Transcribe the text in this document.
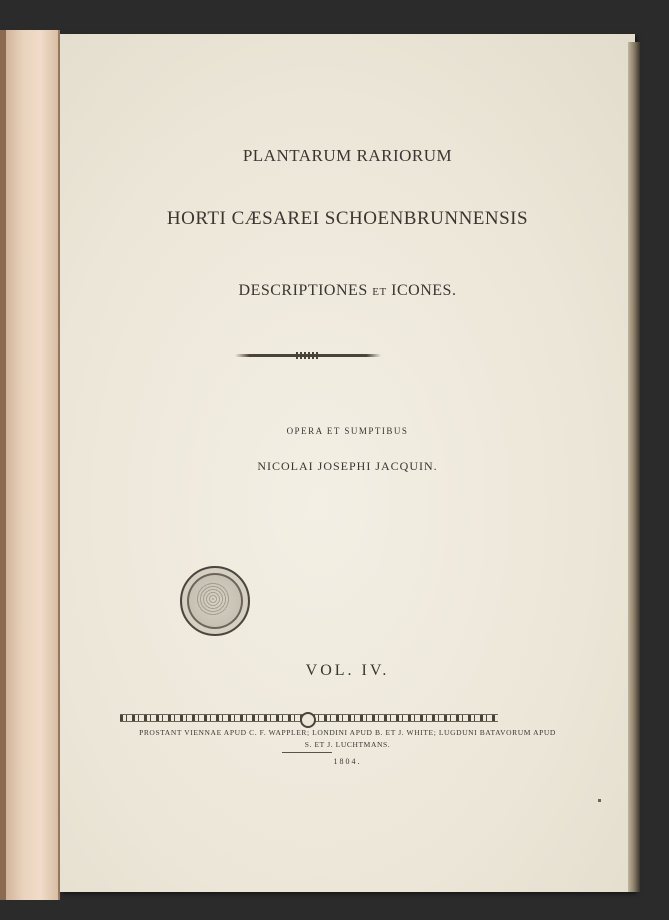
PLANTARUM RARIORUM
HORTI CÆSAREI SCHOENBRUNNENSIS
DESCRIPTIONES ET ICONES.
OPERA ET SUMPTIBUS
NICOLAI JOSEPHI JACQUIN.
VOL. IV.
PROSTANT VIENNAE APUD C. F. WAPPLER; LONDINI APUD B. ET J. WHITE; LUGDUNI BATAVORUM APUD
S. ET J. LUCHTMANS.
1804.
